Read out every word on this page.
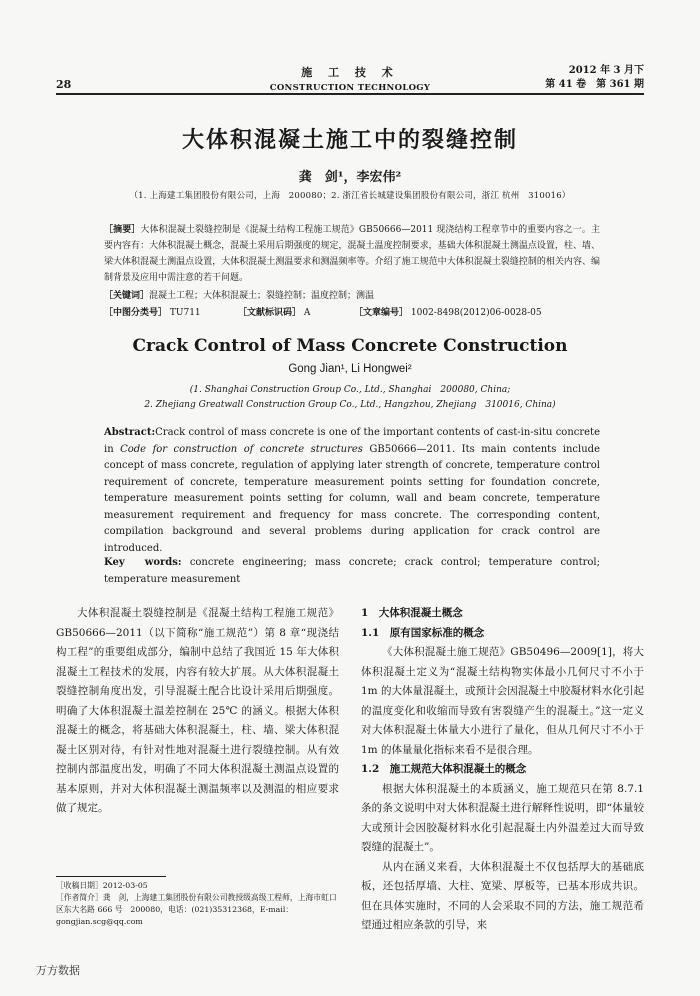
28
施 工 技 术
CONSTRUCTION TECHNOLOGY
2012 年 3 月下
第 41 卷　第 361 期
大体积混凝土施工中的裂缝控制
龚　剑¹，李宏伟²
（1. 上海建工集团股份有限公司，上海　200080；2. 浙江省长城建设集团股份有限公司，浙江 杭州　310016）
［摘要］大体积混凝土裂缝控制是《混凝土结构工程施工规范》GB50666—2011 现浇结构工程章节中的重要内容之一。主要内容有：大体积混凝土概念，混凝土采用后期强度的规定，混凝土温度控制要求，基础大体积混凝土测温点设置，柱、墙、梁大体积混凝土测温点设置，大体积混凝土测温要求和测温频率等。介绍了施工规范中大体积混凝土裂缝控制的相关内容、编制背景及应用中需注意的若干问题。
［关键词］混凝土工程；大体积混凝土；裂缝控制；温度控制；测温
［中图分类号］ TU711	［文献标识码］ A	［文章编号］ 1002-8498(2012)06-0028-05
Crack Control of Mass Concrete Construction
Gong Jian¹, Li Hongwei²
(1. Shanghai Construction Group Co., Ltd., Shanghai　200080, China;
2. Zhejiang Greatwall Construction Group Co., Ltd., Hangzhou, Zhejiang　310016, China)
Abstract:Crack control of mass concrete is one of the important contents of cast-in-situ concrete in Code for construction of concrete structures GB50666—2011. Its main contents include concept of mass concrete, regulation of applying later strength of concrete, temperature control requirement of concrete, temperature measurement points setting for foundation concrete, temperature measurement points setting for column, wall and beam concrete, temperature measurement requirement and frequency for mass concrete. The corresponding content, compilation background and several problems during application for crack control are introduced.
Key　words: concrete engineering; mass concrete; crack control; temperature control; temperature measurement

大体积混凝土裂缝控制是《混凝土结构工程施工规范》GB50666—2011（以下简称“施工规范”）第 8 章“现浇结构工程”的重要组成部分，编制中总结了我国近 15 年大体积混凝土工程技术的发展，内容有较大扩展。从大体积混凝土裂缝控制角度出发，引导混凝土配合比设计采用后期强度。明确了大体积混凝土温差控制在 25℃ 的涵义。根据大体积混凝土的概念，将基础大体积混凝土，柱、墙、梁大体积混凝土区别对待，有针对性地对混凝土进行裂缝控制。从有效控制内部温度出发，明确了不同大体积混凝土测温点设置的基本原则，并对大体积混凝土测温频率以及测温的相应要求做了规定。

1　大体积混凝土概念

1.1　原有国家标准的概念

《大体积混凝土施工规范》GB50496—2009[1]，将大体积混凝土定义为“混凝土结构物实体最小几何尺寸不小于 1m 的大体量混凝土，或预计会因混凝土中胶凝材料水化引起的温度变化和收缩而导致有害裂缝产生的混凝土。”这一定义对大体积混凝土体量大小进行了量化，但从几何尺寸不小于 1m 的体量量化指标来看不是很合理。

1.2　施工规范大体积混凝土的概念

根据大体积混凝土的本质涵义，施工规范只在第 8.7.1 条的条文说明中对大体积混凝土进行解释性说明，即“体量较大或预计会因胶凝材料水化引起混凝土内外温差过大而导致裂缝的混凝土”。

从内在涵义来看，大体积混凝土不仅包括厚大的基础底板，还包括厚墙、大柱、宽梁、厚板等，已基本形成共识。但在具体实施时，不同的人会采取不同的方法，施工规范希望通过相应条款的引导，来

［收稿日期］2012-03-05
［作者简介］龚　剑，上海建工集团股份有限公司教授级高级工程师，上海市虹口区东大名路 666 号　200080，电话：(021)35312368，E-mail：gongjian.scg@qq.com
万方数据
